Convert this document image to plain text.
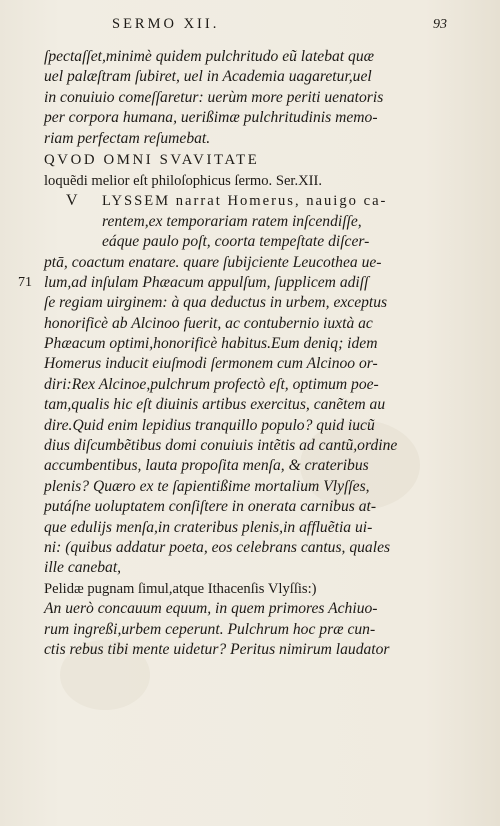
SERMO XII.	93
ſpectaſſet,minimè quidem pulchritudo eũ latebat quæ
uel palæſtram ſubiret, uel in Academia uagaretur,uel
in conuiuio comeſſaretur: uerùm more periti uenatoris
per corpora humana, uerißimæ pulchritudinis memo-
riam perfectam reſumebat.
QVOD OMNI SVAVITATE
loquẽdi melior eſt philoſophicus ſermo. Ser.XII.
V LYSSEM narrat Homerus, nauigo ca-
rentem,ex temporariam ratem inſcendiſſe,
eáque paulo poſt, coorta tempeſtate diſcer-
ptā, coactum enatare. quare ſubijciente Leucothea ue-
71 lum,ad inſulam Phæacum appulſum, ſupplicem adiſſ
ſe regiam uirginem: à qua deductus in urbem, exceptus
honorificè ab Alcinoo fuerit, ac contubernio iuxtà ac
Phæacum optimi,honorificè habitus.Eum deniq; idem
Homerus inducit eiuſmodi ſermonem cum Alcinoo or-
diri:Rex Alcinoe,pulchrum profectò eſt, optimum poe-
tam,qualis hic eſt diuinis artibus exercitus, canẽtem au
dire.Quid enim lepidius tranquillo populo? quid iucũ
dius diſcumbẽtibus domi conuiuis intẽtis ad cantũ,ordine
accumbentibus, lauta propoſita menſa, & crateribus
plenis? Quæro ex te ſapientißime mortalium Vlyſſes,
putáſne uoluptatem conſiſtere in onerata carnibus at-
que edulijs menſa,in crateribus plenis,in affluẽtia ui-
ni: (quibus addatur poeta, eos celebrans cantus, quales
ille canebat,
Pelidæ pugnam ſimul,atque Ithacenſis Vlyſſis:)
An uerò concauum equum, in quem primores Achiuo-
rum ingreßi,urbem ceperunt. Pulchrum hoc præ cun-
ctis rebus tibi mente uidetur? Peritus nimirum laudator
